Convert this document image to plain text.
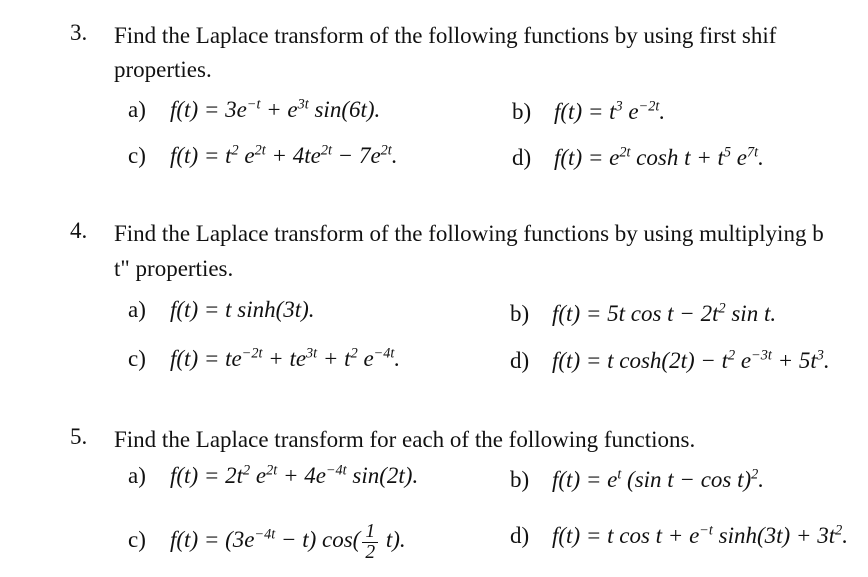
3. Find the Laplace transform of the following functions by using first shif
properties.
a) $f(t) = 3e^{-t} + e^{3t}$ sin(6t).	b) $f(t) = t^3$ $e^{-2t}$.
c) $f(t) = t^2$ $e^{2t} + 4te^{2t} - 7e^{2t}$.	d) $f(t) = e^{2t}$ $\cosh t + t^5$ $e^{7t}$.
4. Find the Laplace transform of the following functions by using multiplying b
t" properties.
a) f(t) = t sinh(3t).	b) f(t) = 5t $\cos t - 2t^2$ sin t.
c) $f(t) = te^{-2t} + te^{3t} + t^2$ $e^{-4t}$.	d) f(t) = t $\cosh(2t) - t^2$ $e^{-3t} + 5t^3$.
5. Find the Laplace transform for each of the following functions.
a) $f(t) = 2t^2$ $e^{2t} + 4e^{-4t}$ sin(2t).	b) $f(t) = e^t$ (sin t − cos t)$^2$.
c) $f(t) = (3e^{-4t} - t)$ $\cos( \frac{1}{2} t)$.	d) f(t) = t $\cos t + e^{-t}$ $\sinh(3t) + 3t^2$.
